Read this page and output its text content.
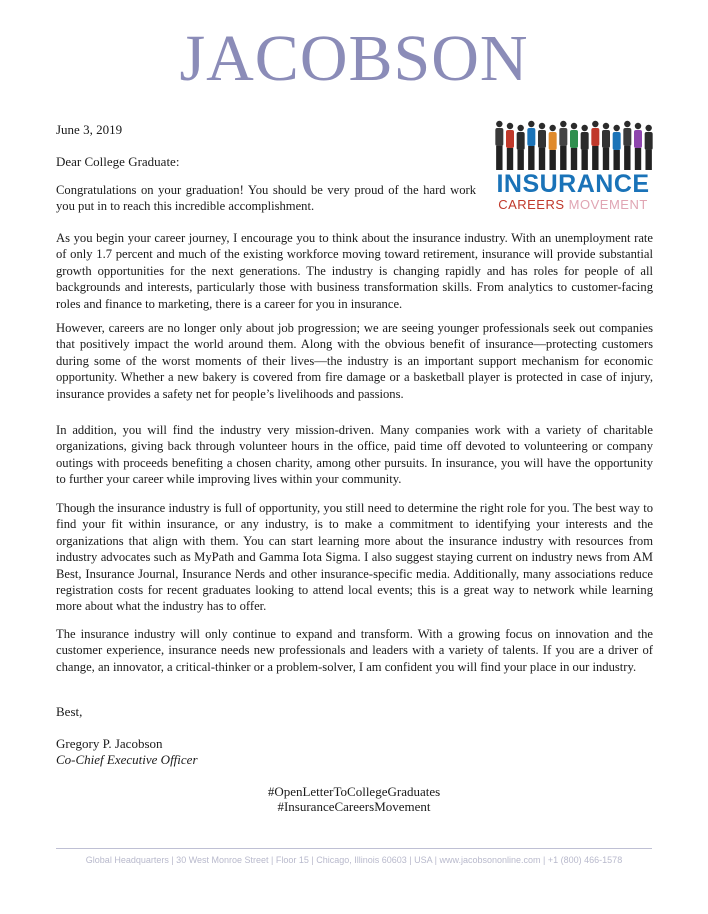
JACOBSON
INSURANCE
CAREERS MOVEMENT
June 3, 2019
Dear College Graduate:

Congratulations on your graduation! You should be very proud of the hard work you put in to reach this incredible accomplishment.

As you begin your career journey, I encourage you to think about the insurance industry. With an unemployment rate of only 1.7 percent and much of the existing workforce moving toward retirement, insurance will provide substantial growth opportunities for the next generations. The industry is changing rapidly and has roles for people of all backgrounds and interests, particularly those with business transformation skills. From analytics to customer-facing roles and finance to marketing, there is a career for you in insurance.

However, careers are no longer only about job progression; we are seeing younger professionals seek out companies that positively impact the world around them. Along with the obvious benefit of insurance—protecting customers during some of the worst moments of their lives—the industry is an important support mechanism for economic opportunity. Whether a new bakery is covered from fire damage or a basketball player is protected in case of injury, insurance provides a safety net for people’s livelihoods and passions.

In addition, you will find the industry very mission-driven. Many companies work with a variety of charitable organizations, giving back through volunteer hours in the office, paid time off devoted to volunteering or company outings with proceeds benefiting a chosen charity, among other pursuits. In insurance, you will have the opportunity to further your career while improving lives within your community.

Though the insurance industry is full of opportunity, you still need to determine the right role for you. The best way to find your fit within insurance, or any industry, is to make a commitment to identifying your interests and the organizations that align with them. You can start learning more about the insurance industry with resources from industry advocates such as MyPath and Gamma Iota Sigma. I also suggest staying current on industry news from AM Best, Insurance Journal, Insurance Nerds and other insurance-specific media. Additionally, many associations reduce registration costs for recent graduates looking to attend local events; this is a great way to network while learning more about what the industry has to offer.

The insurance industry will only continue to expand and transform. With a growing focus on innovation and the customer experience, insurance needs new professionals and leaders with a variety of talents. If you are a driver of change, an innovator, a critical-thinker or a problem-solver, I am confident you will find your place in our industry.

Best,
Gregory P. Jacobson
Co-Chief Executive Officer
#OpenLetterToCollegeGraduates
#InsuranceCareersMovement
Global Headquarters | 30 West Monroe Street | Floor 15 | Chicago, Illinois 60603 | USA | www.jacobsononline.com | +1 (800) 466-1578
